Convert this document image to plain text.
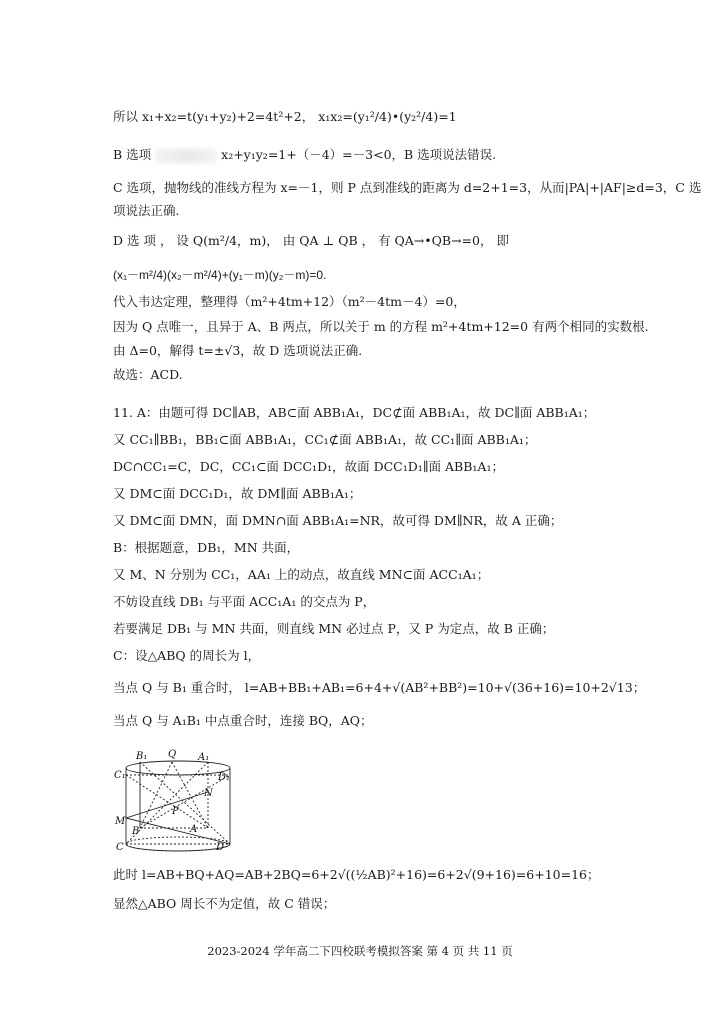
所以 x₁+x₂=t(y₁+y₂)+2=4t²+2， x₁x₂=(y₁²/4)•(y₂²/4)=1
B 选项	x₂+y₁y₂=1+（－4）=－3<0，B 选项说法错误.
C 选项，抛物线的准线方程为 x=－1，则 P 点到准线的距离为 d=2+1=3，从而|PA|+|AF|≥d=3，C 选
项说法正确.
D 选 项 ， 设 Q(m²/4，m)， 由 QA ⊥ QB ， 有 QA→•QB→=0， 即
(x₁－m²/4)(x₂－m²/4)+(y₁－m)(y₂－m)=0.
代入韦达定理，整理得（m²+4tm+12）（m²－4tm－4）=0，
因为 Q 点唯一，且异于 A、B 两点，所以关于 m 的方程 m²+4tm+12=0 有两个相同的实数根.
由 Δ=0，解得 t=±√3，故 D 选项说法正确.
故选：ACD.
11. A：由题可得 DC∥AB，AB⊂面 ABB₁A₁，DC⊄面 ABB₁A₁，故 DC∥面 ABB₁A₁；
又 CC₁∥BB₁，BB₁⊂面 ABB₁A₁，CC₁⊄面 ABB₁A₁，故 CC₁∥面 ABB₁A₁；
DC∩CC₁=C，DC，CC₁⊂面 DCC₁D₁，故面 DCC₁D₁∥面 ABB₁A₁；
又 DM⊂面 DCC₁D₁，故 DM∥面 ABB₁A₁；
又 DM⊂面 DMN，面 DMN∩面 ABB₁A₁=NR，故可得 DM∥NR，故 A 正确；
B：根据题意，DB₁，MN 共面，
又 M、N 分别为 CC₁，AA₁ 上的动点，故直线 MN⊂面 ACC₁A₁；
不妨设直线 DB₁ 与平面 ACC₁A₁ 的交点为 P，
若要满足 DB₁ 与 MN 共面，则直线 MN 必过点 P，又 P 为定点，故 B 正确；
C：设△ABQ 的周长为 l，
当点 Q 与 B₁ 重合时， l=AB+BB₁+AB₁=6+4+√(AB²+BB²)=10+√(36+16)=10+2√13；
当点 Q 与 A₁B₁ 中点重合时，连接 BQ，AQ；
B₁ Q A₁
C₁	D₁
N
P
M
B	A
C	D
此时 l=AB+BQ+AQ=AB+2BQ=6+2√((½AB)²+16)=6+2√(9+16)=6+10=16；
显然△ABO 周长不为定值，故 C 错误；
2023-2024 学年高二下四校联考模拟答案 第 4 页 共 11 页
